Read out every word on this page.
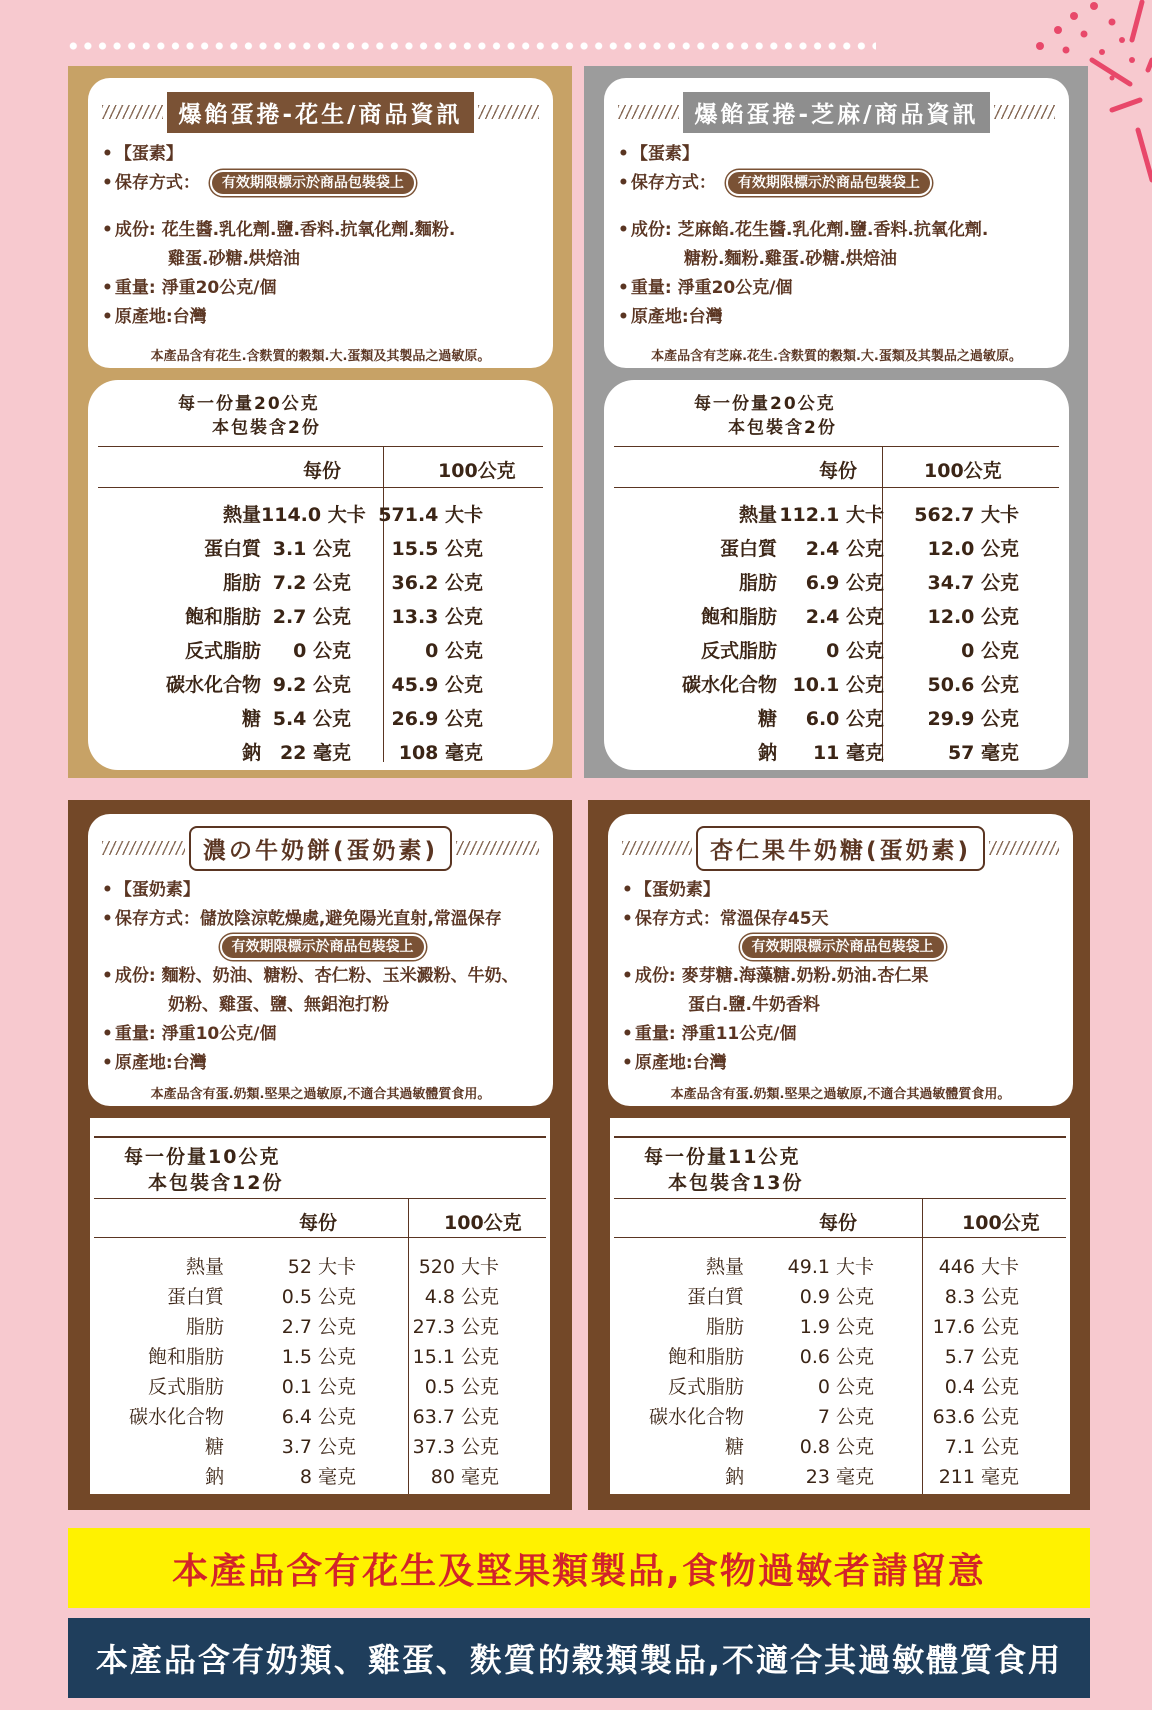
爆餡蛋捲-花生/商品資訊
• 【蛋素】
• 保存方式： 有效期限標示於商品包裝袋上
• 成份: 花生醬.乳化劑.鹽.香料.抗氧化劑.麵粉.
雞蛋.砂糖.烘焙油
• 重量: 淨重20公克/個
• 原產地:台灣
本產品含有花生.含麩質的穀類.大.蛋類及其製品之過敏原。
每一份量20公克
本包裝含2份
每份	100公克
熱量 114.0 大卡 571.4 大卡
蛋白質 3.1 公克	15.5 公克
脂肪 7.2 公克	36.2 公克
飽和脂肪 2.7 公克	13.3 公克
反式脂肪	0 公克	0 公克
碳水化合物 9.2 公克	45.9 公克
糖 5.4 公克	26.9 公克
鈉 22 毫克	108 毫克
爆餡蛋捲-芝麻/商品資訊
• 【蛋素】
• 保存方式： 有效期限標示於商品包裝袋上
• 成份: 芝麻餡.花生醬.乳化劑.鹽.香料.抗氧化劑.
糖粉.麵粉.雞蛋.砂糖.烘焙油
• 重量: 淨重20公克/個
• 原產地:台灣
本產品含有芝麻.花生.含麩質的穀類.大.蛋類及其製品之過敏原。
每一份量20公克
本包裝含2份
每份	100公克
熱量 112.1 大卡	562.7 大卡
蛋白質	2.4 公克	12.0 公克
脂肪	6.9 公克	34.7 公克
飽和脂肪	2.4 公克	12.0 公克
反式脂肪	0 公克	0 公克
碳水化合物 10.1 公克	50.6 公克
糖	6.0 公克	29.9 公克
鈉	11 毫克	57 毫克
濃の牛奶餅(蛋奶素)
• 【蛋奶素】
• 保存方式：儲放陰涼乾燥處,避免陽光直射,常溫保存
有效期限標示於商品包裝袋上
• 成份: 麵粉、奶油、糖粉、杏仁粉、玉米澱粉、牛奶、
奶粉、雞蛋、鹽、無鋁泡打粉
• 重量: 淨重10公克/個
• 原產地:台灣
本產品含有蛋.奶類.堅果之過敏原,不適合其過敏體質食用。
每一份量10公克
本包裝含12份
每份	100公克
熱量	52 大卡	520 大卡
蛋白質	0.5 公克	4.8 公克
脂肪	2.7 公克	27.3 公克
飽和脂肪	1.5 公克	15.1 公克
反式脂肪	0.1 公克	0.5 公克
碳水化合物	6.4 公克	63.7 公克
糖	3.7 公克	37.3 公克
鈉	8 毫克	80 毫克
杏仁果牛奶糖(蛋奶素)
• 【蛋奶素】
• 保存方式：常溫保存45天
有效期限標示於商品包裝袋上
• 成份: 麥芽糖.海藻糖.奶粉.奶油.杏仁果
蛋白.鹽.牛奶香料
• 重量: 淨重11公克/個
• 原產地:台灣
本產品含有蛋.奶類.堅果之過敏原,不適合其過敏體質食用。
每一份量11公克
本包裝含13份
每份	100公克
熱量	49.1 大卡	446 大卡
蛋白質	0.9 公克	8.3 公克
脂肪	1.9 公克	17.6 公克
飽和脂肪	0.6 公克	5.7 公克
反式脂肪	0 公克	0.4 公克
碳水化合物	7 公克	63.6 公克
糖	0.8 公克	7.1 公克
鈉	23 毫克	211 毫克
本產品含有花生及堅果類製品,食物過敏者請留意
本產品含有奶類、雞蛋、麩質的穀類製品,不適合其過敏體質食用
